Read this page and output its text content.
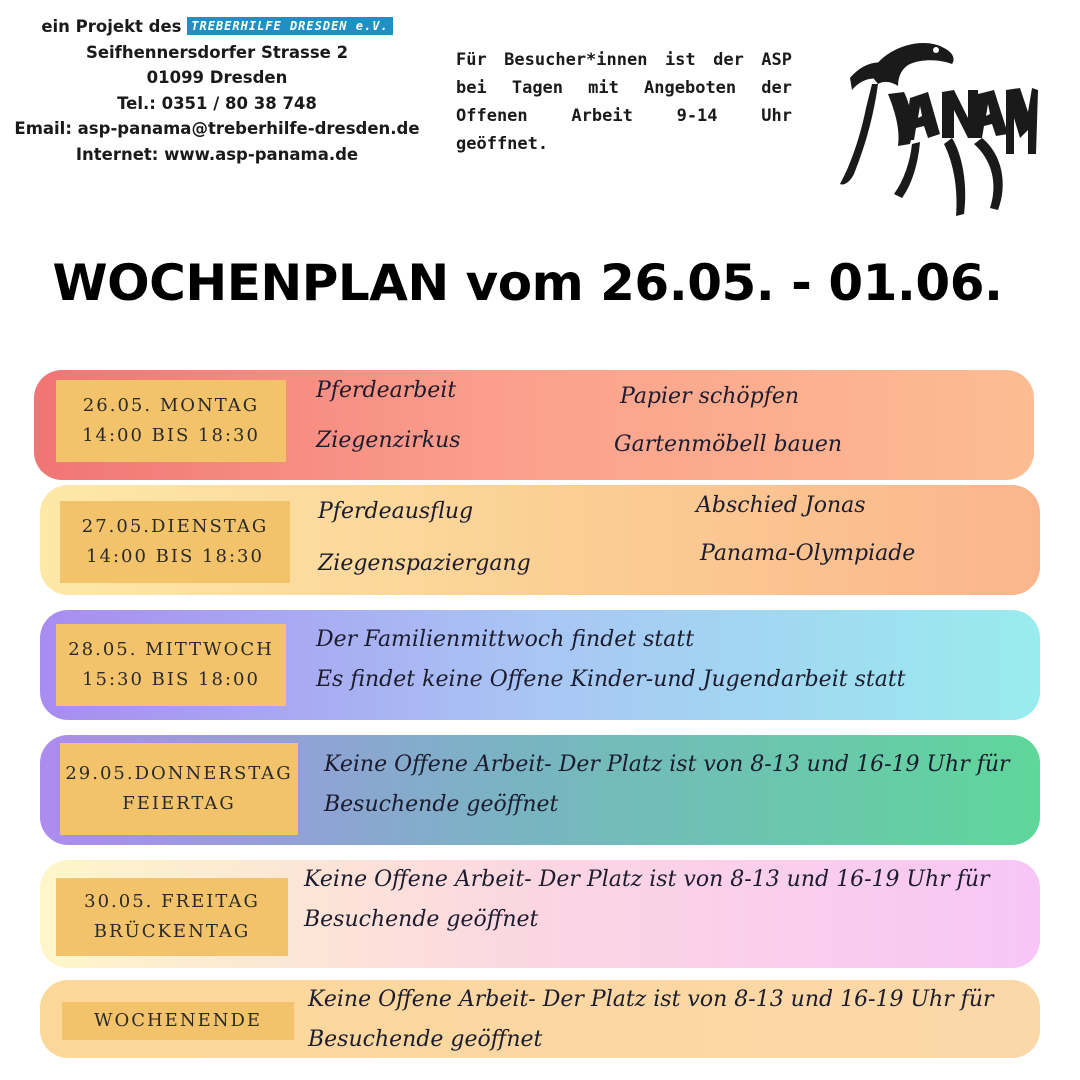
ein Projekt des TREBERHILFE DRESDEN e.V.
Seifhennersdorfer Strasse 2
01099 Dresden
Tel.: 0351 / 80 38 748
Email: asp-panama@treberhilfe-dresden.de
Internet: www.asp-panama.de
Für Besucher*innen ist der ASP bei Tagen mit Angeboten der Offenen Arbeit 9-14 Uhr geöffnet.
WOCHENPLAN vom 26.05. - 01.06.
26.05. MONTAG
14:00 BIS 18:30
Pferdearbeit
Ziegenzirkus
Papier schöpfen
Gartenmöbell bauen
27.05.DIENSTAG
14:00 BIS 18:30
Pferdeausflug
Ziegenspaziergang
Abschied Jonas
Panama-Olympiade
28.05. MITTWOCH
15:30 BIS 18:00
Der Familienmittwoch findet statt
Es findet keine Offene Kinder-und Jugendarbeit statt
29.05.DONNERSTAG
FEIERTAG
Keine Offene Arbeit- Der Platz ist von 8-13 und 16-19 Uhr für
Besuchende geöffnet
30.05. FREITAG
BRÜCKENTAG
Keine Offene Arbeit- Der Platz ist von 8-13 und 16-19 Uhr für
Besuchende geöffnet
WOCHENENDE
Keine Offene Arbeit- Der Platz ist von 8-13 und 16-19 Uhr für
Besuchende geöffnet
